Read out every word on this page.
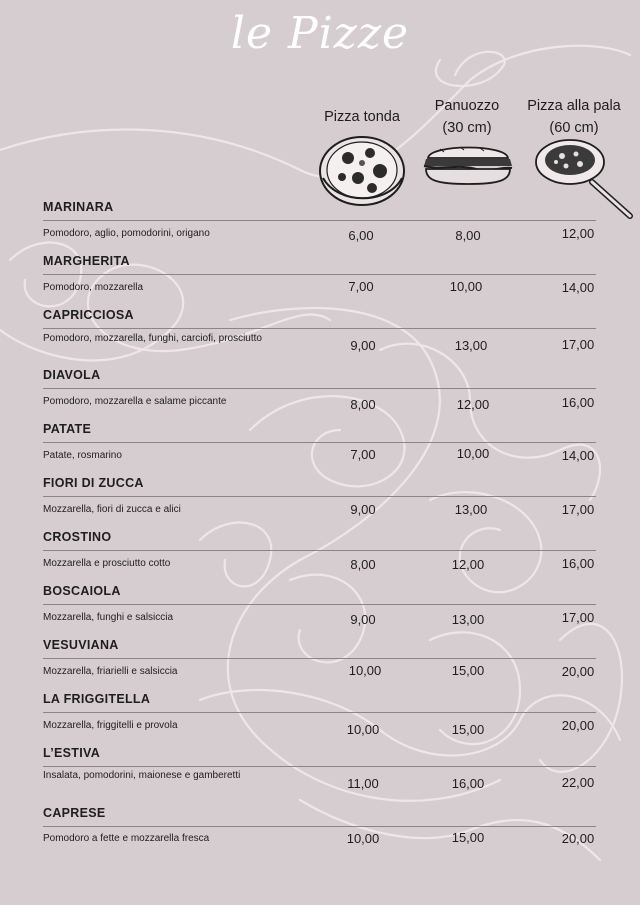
le Pizze
Pizza tonda
Panuozzo
(30 cm)
Pizza alla pala
(60 cm)
MARINARA
Pomodoro, aglio, pomodorini, origano	6,00	8,00	12,00
MARGHERITA
Pomodoro, mozzarella	7,00	10,00	14,00
CAPRICCIOSA
Pomodoro, mozzarella, funghi, carciofi, prosciutto	9,00	13,00	17,00
DIAVOLA
Pomodoro, mozzarella e salame piccante	8,00	12,00	16,00
PATATE
Patate, rosmarino	7,00	10,00	14,00
FIORI DI ZUCCA
Mozzarella, fiori di zucca e alici	9,00	13,00	17,00
CROSTINO
Mozzarella e prosciutto cotto	8,00	12,00	16,00
BOSCAIOLA
Mozzarella, funghi e salsiccia	9,00	13,00	17,00
VESUVIANA
Mozzarella, friarielli e salsiccia	10,00	15,00	20,00
LA FRIGGITELLA
Mozzarella, friggitelli e provola	10,00	15,00	20,00
L’ESTIVA
Insalata, pomodorini, maionese e gamberetti
11,00	16,00	22,00
CAPRESE
Pomodoro a fette e mozzarella fresca	10,00	15,00	20,00
